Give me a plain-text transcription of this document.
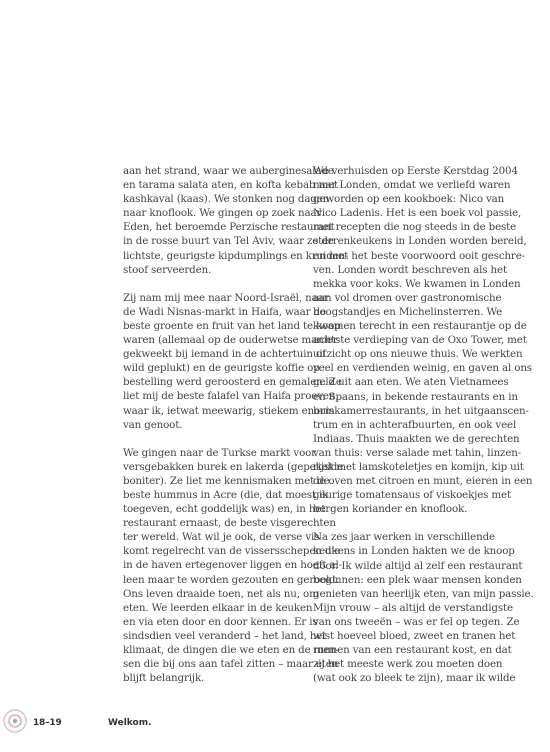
aan het strand, waar we auberginesalade
en tarama salata aten, en kofta kebab met
kashkaval (kaas). We stonken nog dagen
naar knoflook. We gingen op zoek naar
Eden, het beroemde Perzische restaurant
in de rosse buurt van Tel Aviv, waar ze de
lichtste, geurigste kipdumplings en kruiden-
stoof serveerden.
Zij nam mij mee naar Noord-Israël, naar
de Wadi Nisnas-markt in Haifa, waar de
beste groente en fruit van het land te koop
waren (allemaal op de ouderwetse manier
gekweekt bij iemand in de achtertuin of
wild geplukt) en de geurigste koffie op
bestelling werd geroosterd en gemalen. Ze
liet mij de beste falafel van Haifa proeven,
waar ik, ietwat meewarig, stiekem enorm
van genoot.
We gingen naar de Turkse markt voor
versgebakken burek en lakerda (gepekelde
boniter). Ze liet me kennismaken met de
beste hummus in Acre (die, dat moest ik
toegeven, echt goddelijk was) en, in het
restaurant ernaast, de beste visgerechten
ter wereld. Wat wil je ook, de verse vis
komt regelrecht van de vissersschepen die
in de haven ertegenover liggen en hoeft al-
leen maar te worden gezouten en gerookt.
Ons leven draaide toen, net als nu, om
eten. We leerden elkaar in de keuken
en via eten door en door kennen. Er is
sindsdien veel veranderd – het land, het
klimaat, de dingen die we eten en de men-
sen die bij ons aan tafel zitten – maar eten
blijft belangrijk.
We verhuisden op Eerste Kerstdag 2004
naar Londen, omdat we verliefd waren
geworden op een kookboek: Nico van
Nico Ladenis. Het is een boek vol passie,
met recepten die nog steeds in de beste
sterrenkeukens in Londen worden bereid,
en met het beste voorwoord ooit geschre-
ven. Londen wordt beschreven als het
mekka voor koks. We kwamen in Londen
aan vol dromen over gastronomische
hoogstandjes en Michelinsterren. We
kwamen terecht in een restaurantje op de
achtste verdieping van de Oxo Tower, met
uitzicht op ons nieuwe thuis. We werkten
veel en verdienden weinig, en gaven al ons
geld uit aan eten. We aten Vietnamees
en Spaans, in bekende restaurants en in
huiskamerrestaurants, in het uitgaanscen-
trum en in achterafbuurten, en ook veel
Indiaas. Thuis maakten we de gerechten
van thuis: verse salade met tahin, linzen-
rijst met lamskoteletjes en komijn, kip uit
de oven met citroen en munt, eieren in een
geurige tomatensaus of viskoekjes met
bergen koriander en knoflook.
Na zes jaar werken in verschillende
keukens in Londen hakten we de knoop
door. Ik wilde altijd al zelf een restaurant
beginnen: een plek waar mensen konden
genieten van heerlijk eten, van mijn passie.
Mijn vrouw – als altijd de verstandigste
van ons tweeën – was er fel op tegen. Ze
wist hoeveel bloed, zweet en tranen het
runnen van een restaurant kost, en dat
zij het meeste werk zou moeten doen
(wat ook zo bleek te zijn), maar ik wilde
18–19	Welkom.
